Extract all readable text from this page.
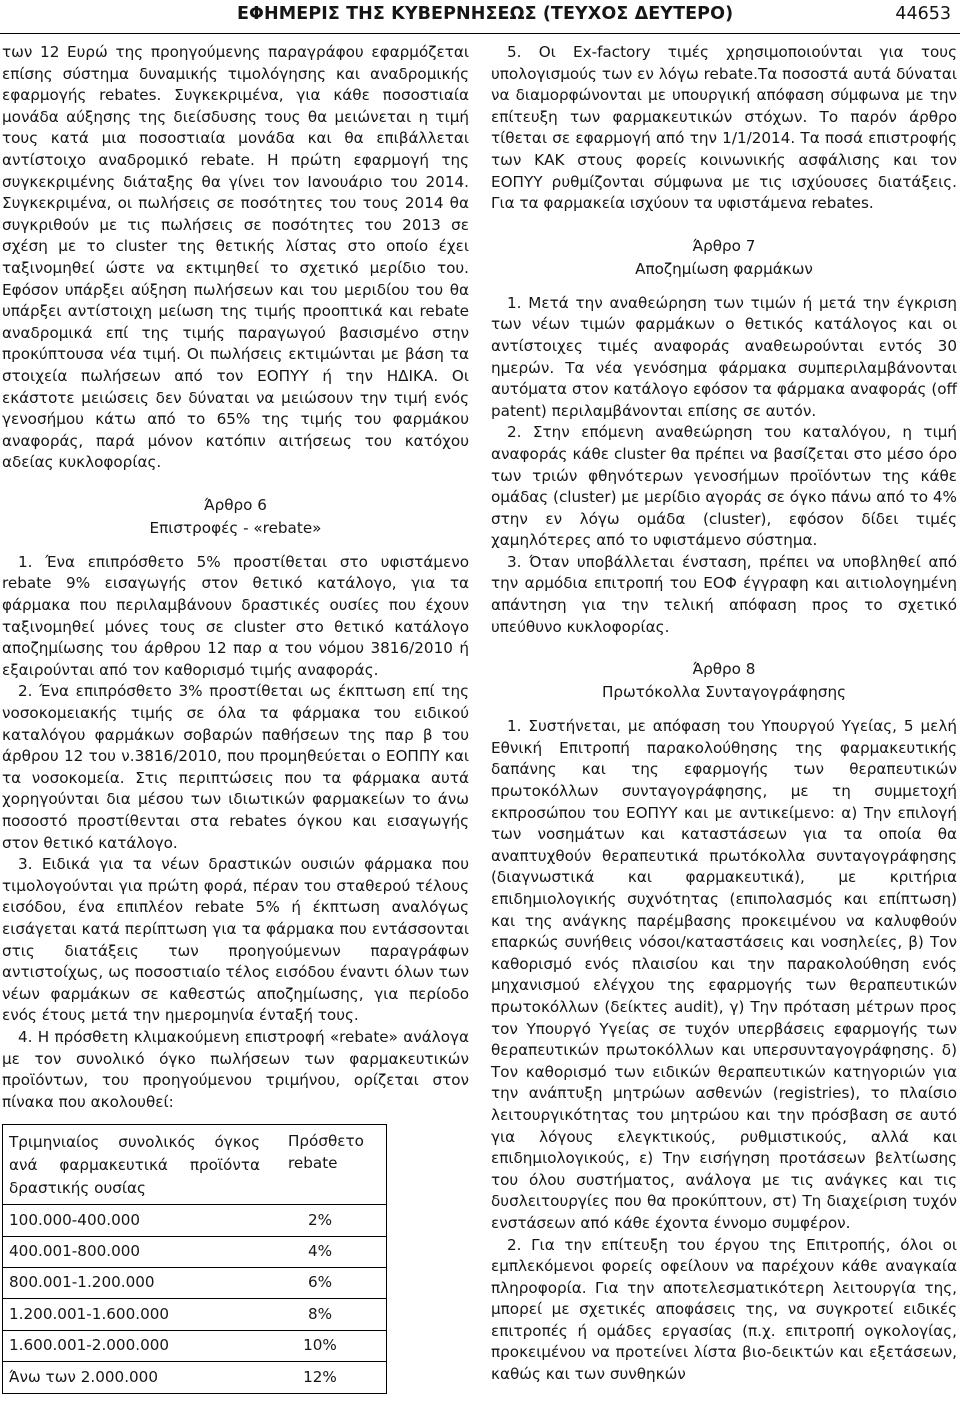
ΕΦΗΜΕΡΙΣ ΤΗΣ ΚΥΒΕΡΝΗΣΕΩΣ (ΤΕΥΧΟΣ ΔΕΥΤΕΡΟ)	44653

των 12 Ευρώ της προηγούμενης παραγράφου εφαρμόζεται επίσης σύστημα δυναμικής τιμολόγησης και αναδρομικής εφαρμογής rebates. Συγκεκριμένα, για κάθε ποσοστιαία μονάδα αύξησης της διείσδυσης τους θα μειώνεται η τιμή τους κατά μια ποσοστιαία μονάδα και θα επιβάλλεται αντίστοιχο αναδρομικό rebate. Η πρώτη εφαρμογή της συγκεκριμένης διάταξης θα γίνει τον Ιανουάριο του 2014. Συγκεκριμένα, οι πωλήσεις σε ποσότητες του τους 2014 θα συγκριθούν με τις πωλήσεις σε ποσότητες του 2013 σε σχέση με το cluster της θετικής λίστας στο οποίο έχει ταξινομηθεί ώστε να εκτιμηθεί το σχετικό μερίδιο του. Εφόσον υπάρξει αύξηση πωλήσεων και του μεριδίου του θα υπάρξει αντίστοιχη μείωση της τιμής προοπτικά και rebate αναδρομικά επί της τιμής παραγωγού βασισμένο στην προκύπτουσα νέα τιμή. Οι πωλήσεις εκτιμώνται με βάση τα στοιχεία πωλήσεων από τον ΕΟΠΥΥ ή την ΗΔΙΚΑ. Οι εκάστοτε μειώσεις δεν δύναται να μειώσουν την τιμή ενός γενοσήμου κάτω από το 65% της τιμής του φαρμάκου αναφοράς, παρά μόνον κατόπιν αιτήσεως του κατόχου αδείας κυκλοφορίας.

Άρθρο 6
Επιστροφές - «rebate»

1. Ένα επιπρόσθετο 5% προστίθεται στο υφιστάμενο rebate 9% εισαγωγής στον θετικό κατάλογο, για τα φάρμακα που περιλαμβάνουν δραστικές ουσίες που έχουν ταξινομηθεί μόνες τους σε cluster στο θετικό κατάλογο αποζημίωσης του άρθρου 12 παρ α του νόμου 3816/2010 ή εξαιρούνται από τον καθορισμό τιμής αναφοράς.

2. Ένα επιπρόσθετο 3% προστίθεται ως έκπτωση επί της νοσοκομειακής τιμής σε όλα τα φάρμακα του ειδικού καταλόγου φαρμάκων σοβαρών παθήσεων της παρ β του άρθρου 12 του ν.3816/2010, που προμηθεύεται ο ΕΟΠΠΥ και τα νοσοκομεία. Στις περιπτώσεις που τα φάρμακα αυτά χορηγούνται δια μέσου των ιδιωτικών φαρμακείων το άνω ποσοστό προστίθενται στα rebates όγκου και εισαγωγής στον θετικό κατάλογο.

3. Ειδικά για τα νέων δραστικών ουσιών φάρμακα που τιμολογούνται για πρώτη φορά, πέραν του σταθερού τέλους εισόδου, ένα επιπλέον rebate 5% ή έκπτωση αναλόγως εισάγεται κατά περίπτωση για τα φάρμακα που εντάσσονται στις διατάξεις των προηγούμενων παραγράφων αντιστοίχως, ως ποσοστιαίο τέλος εισόδου έναντι όλων των νέων φαρμάκων σε καθεστώς αποζημίωσης, για περίοδο ενός έτους μετά την ημερομηνία ένταξή τους.

4. Η πρόσθετη κλιμακούμενη επιστροφή «rebate» ανάλογα με τον συνολικό όγκο πωλήσεων των φαρμακευτικών προϊόντων, του προηγούμενου τριμήνου, ορίζεται στον πίνακα που ακολουθεί:

Τριμηνιαίος συνολικός όγκος ανά φαρμακευτικά προϊόντα δραστικής ουσίας
Πρόσθετο rebate
100.000-400.000	2%
400.001-800.000	4%
800.001-1.200.000	6%
1.200.001-1.600.000	8%
1.600.001-2.000.000	10%
Άνω των 2.000.000	12%

5. Οι Ex-factory τιμές χρησιμοποιούνται για τους υπολογισμούς των εν λόγω rebate.Τα ποσοστά αυτά δύναται να διαμορφώνονται με υπουργική απόφαση σύμφωνα με την επίτευξη των φαρμακευτικών στόχων. Το παρόν άρθρο τίθεται σε εφαρμογή από την 1/1/2014. Τα ποσά επιστροφής των ΚΑΚ στους φορείς κοινωνικής ασφάλισης και τον ΕΟΠΥΥ ρυθμίζονται σύμφωνα με τις ισχύουσες διατάξεις. Για τα φαρμακεία ισχύουν τα υφιστάμενα rebates.

Άρθρο 7
Αποζημίωση φαρμάκων

1. Μετά την αναθεώρηση των τιμών ή μετά την έγκριση των νέων τιμών φαρμάκων ο θετικός κατάλογος και οι αντίστοιχες τιμές αναφοράς αναθεωρούνται εντός 30 ημερών. Τα νέα γενόσημα φάρμακα συμπεριλαμβάνονται αυτόματα στον κατάλογο εφόσον τα φάρμακα αναφοράς (off patent) περιλαμβάνονται επίσης σε αυτόν.

2. Στην επόμενη αναθεώρηση του καταλόγου, η τιμή αναφοράς κάθε cluster θα πρέπει να βασίζεται στο μέσο όρο των τριών φθηνότερων γενοσήμων προϊόντων της κάθε ομάδας (cluster) με μερίδιο αγοράς σε όγκο πάνω από το 4% στην εν λόγω ομάδα (cluster), εφόσον δίδει τιμές χαμηλότερες από το υφιστάμενο σύστημα.

3. Όταν υποβάλλεται ένσταση, πρέπει να υποβληθεί από την αρμόδια επιτροπή του ΕΟΦ έγγραφη και αιτιολογημένη απάντηση για την τελική απόφαση προς το σχετικό υπεύθυνο κυκλοφορίας.

Άρθρο 8
Πρωτόκολλα Συνταγογράφησης

1. Συστήνεται, με απόφαση του Υπουργού Υγείας, 5 μελή Εθνική Επιτροπή παρακολούθησης της φαρμακευτικής δαπάνης και της εφαρμογής των θεραπευτικών πρωτοκόλλων συνταγογράφησης, με τη συμμετοχή εκπροσώπου του ΕΟΠΥΥ και με αντικείμενο: α) Την επιλογή των νοσημάτων και καταστάσεων για τα οποία θα αναπτυχθούν θεραπευτικά πρωτόκολλα συνταγογράφησης (διαγνωστικά και φαρμακευτικά), με κριτήρια επιδημιολογικής συχνότητας (επιπολασμός και επίπτωση) και της ανάγκης παρέμβασης προκειμένου να καλυφθούν επαρκώς συνήθεις νόσοι/καταστάσεις και νοσηλείες, β) Τον καθορισμό ενός πλαισίου και την παρακολούθηση ενός μηχανισμού ελέγχου της εφαρμογής των θεραπευτικών πρωτοκόλλων (δείκτες audit), γ) Την πρόταση μέτρων προς τον Υπουργό Υγείας σε τυχόν υπερβάσεις εφαρμογής των θεραπευτικών πρωτοκόλλων και υπερσυνταγογράφησης. δ) Τον καθορισμό των ειδικών θεραπευτικών κατηγοριών για την ανάπτυξη μητρώων ασθενών (registries), το πλαίσιο λειτουργικότητας του μητρώου και την πρόσβαση σε αυτό για λόγους ελεγκτικούς, ρυθμιστικούς, αλλά και επιδημιολογικούς, ε) Την εισήγηση προτάσεων βελτίωσης του όλου συστήματος, ανάλογα με τις ανάγκες και τις δυσλειτουργίες που θα προκύπτουν, στ) Τη διαχείριση τυχόν ενστάσεων από κάθε έχοντα έννομο συμφέρον.

2. Για την επίτευξη του έργου της Επιτροπής, όλοι οι εμπλεκόμενοι φορείς οφείλουν να παρέχουν κάθε αναγκαία πληροφορία. Για την αποτελεσματικότερη λειτουργία της, μπορεί με σχετικές αποφάσεις της, να συγκροτεί ειδικές επιτροπές ή ομάδες εργασίας (π.χ. επιτροπή ογκολογίας, προκειμένου να προτείνει λίστα βιο-δεικτών και εξετάσεων, καθώς και των συνθηκών
